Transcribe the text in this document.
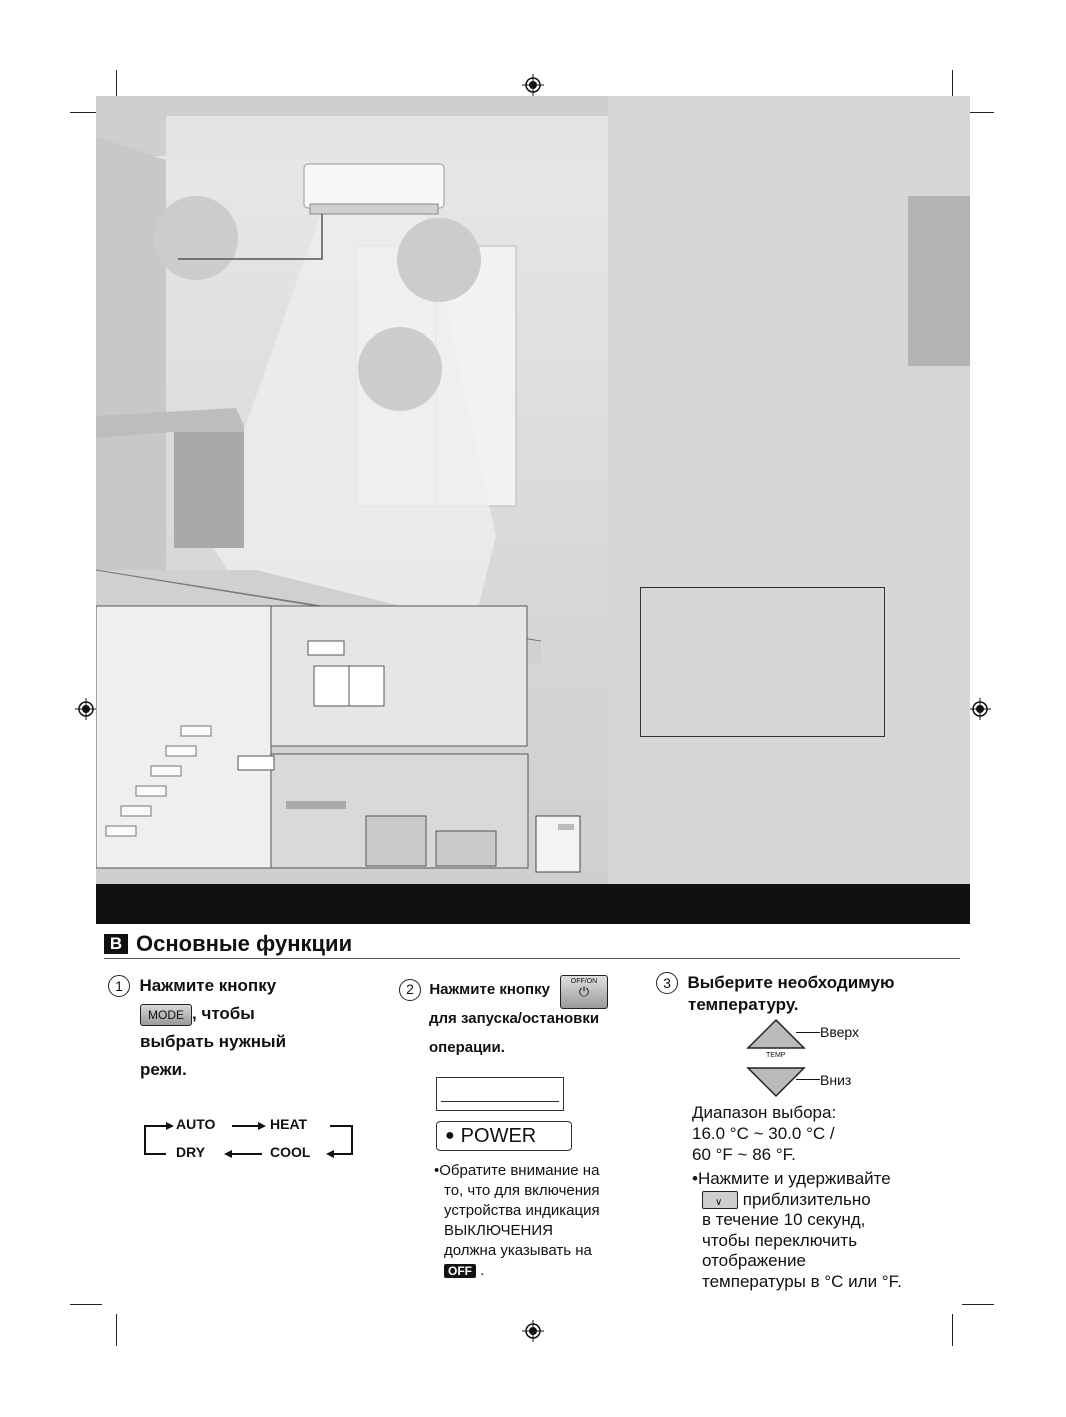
B Основные функции
1 Нажмите кнопку
MODE , чтобы
выбрать нужный
режи.
AUTO	HEAT
COOL
DRY
2 Нажмите кнопку
для запуска/остановки
операции.
OFF/ON
⏻
● POWER
•Обратите внимание на
то, что для включения
устройства индикация
ВЫКЛЮЧЕНИЯ
должна указывать на
OFF .
3 Выберите необходимую
температуру.
Вверх
Вниз
TEMP
Диапазон выбора:
16.0 °C ~ 30.0 °C /
60 °F ~ 86 °F.
•Нажмите и удерживайте
∨ приблизительно
в течение 10 секунд,
чтобы переключить
отображение
температуры в °C или °F.
